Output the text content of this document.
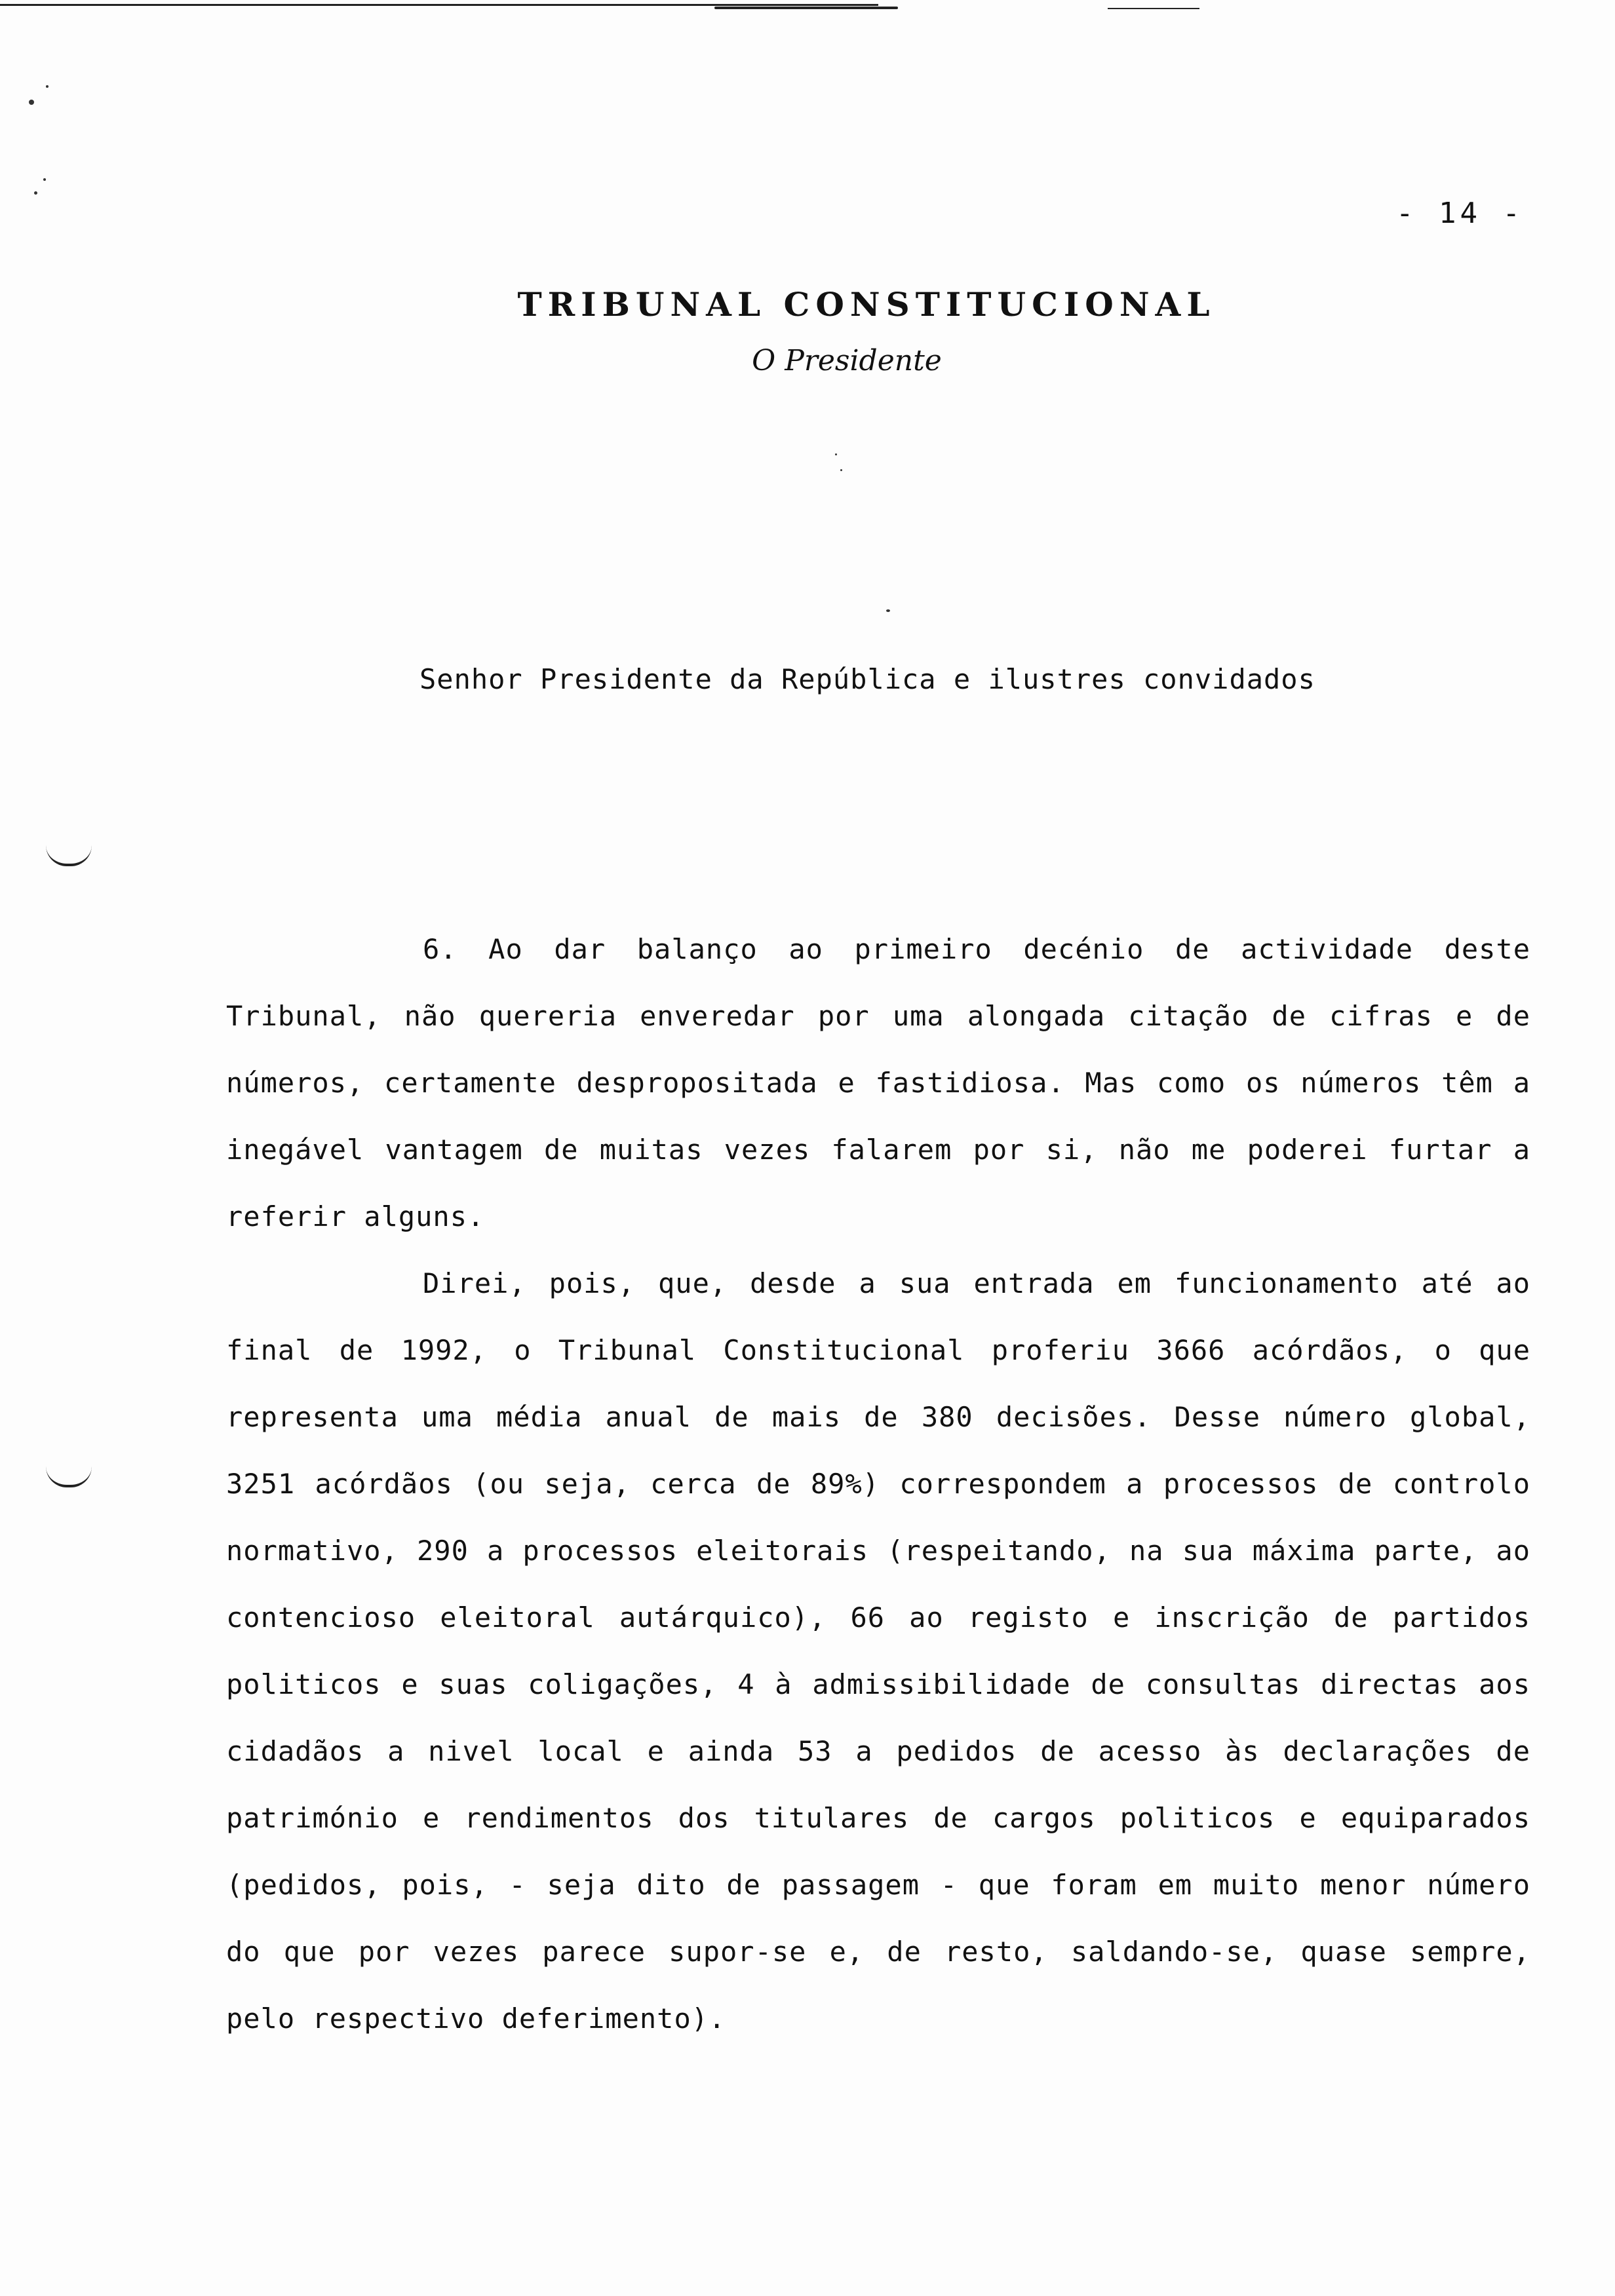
- 14 -
TRIBUNAL CONSTITUCIONAL
O Presidente
Senhor Presidente da República e ilustres convidados

6. Ao dar balanço ao primeiro decénio de actividade deste Tribunal, não quereria enveredar por uma alongada citação de cifras e de números, certamente despropositada e fastidiosa. Mas como os números têm a inegável vantagem de muitas vezes falarem por si, não me poderei furtar a referir alguns.

Direi, pois, que, desde a sua entrada em funcionamento até ao final de 1992, o Tribunal Constitucional proferiu 3666 acórdãos, o que representa uma média anual de mais de 380 decisões. Desse número global, 3251 acórdãos (ou seja, cerca de 89%) correspondem a processos de controlo normativo, 290 a processos eleitorais (respeitando, na sua máxima parte, ao contencioso eleitoral autárquico), 66 ao registo e inscrição de partidos politicos e suas coligações, 4 à admissibilidade de consultas directas aos cidadãos a nivel local e ainda 53 a pedidos de acesso às declarações de património e rendimentos dos titulares de cargos politicos e equiparados (pedidos, pois, - seja dito de passagem - que foram em muito menor número do que por vezes parece supor-se e, de resto, saldando-se, quase sempre, pelo respectivo deferimento).
